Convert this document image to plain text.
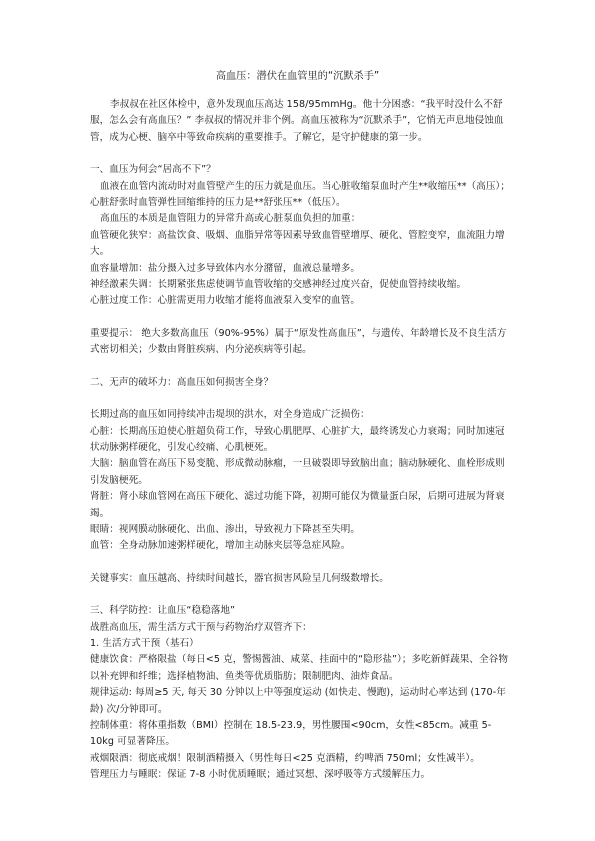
高血压：潜伏在血管里的“沉默杀手”

李叔叔在社区体检中，意外发现血压高达 158/95mmHg。他十分困惑：“我平时没什么不舒服，怎么会有高血压？” 李叔叔的情况并非个例。高血压被称为“沉默杀手”，它悄无声息地侵蚀血管，成为心梗、脑卒中等致命疾病的重要推手。了解它，是守护健康的第一步。

一、血压为何会“居高不下”？

血液在血管内流动时对血管壁产生的压力就是血压。当心脏收缩泵血时产生**收缩压**（高压）；心脏舒张时血管弹性回缩维持的压力是**舒张压**（低压）。

高血压的本质是血管阻力的异常升高或心脏泵血负担的加重：

血管硬化狭窄：高盐饮食、吸烟、血脂异常等因素导致血管壁增厚、硬化、管腔变窄，血流阻力增大。

血容量增加：盐分摄入过多导致体内水分潴留，血液总量增多。

神经激素失调：长期紧张焦虑使调节血管收缩的交感神经过度兴奋，促使血管持续收缩。

心脏过度工作：心脏需更用力收缩才能将血液泵入变窄的血管。

重要提示： 绝大多数高血压（90%-95%）属于“原发性高血压”，与遗传、年龄增长及不良生活方式密切相关；少数由肾脏疾病、内分泌疾病等引起。

二、无声的破坏力：高血压如何损害全身？

长期过高的血压如同持续冲击堤坝的洪水，对全身造成广泛损伤：

心脏：长期高压迫使心脏超负荷工作，导致心肌肥厚、心脏扩大，最终诱发心力衰竭；同时加速冠状动脉粥样硬化，引发心绞痛、心肌梗死。

大脑：脑血管在高压下易变脆、形成微动脉瘤，一旦破裂即导致脑出血；脑动脉硬化、血栓形成则引发脑梗死。

肾脏：肾小球血管网在高压下硬化、滤过功能下降，初期可能仅为微量蛋白尿，后期可进展为肾衰竭。

眼睛：视网膜动脉硬化、出血、渗出，导致视力下降甚至失明。

血管：全身动脉加速粥样硬化，增加主动脉夹层等急症风险。

关键事实：血压越高、持续时间越长，器官损害风险呈几何级数增长。

三、科学防控：让血压“稳稳落地”

战胜高血压，需生活方式干预与药物治疗双管齐下：

1. 生活方式干预（基石）

健康饮食：严格限盐（每日<5 克，警惕酱油、咸菜、挂面中的“隐形盐”）；多吃新鲜蔬果、全谷物以补充钾和纤维；选择植物油、鱼类等优质脂肪；限制肥肉、油炸食品。

规律运动: 每周≥5 天, 每天 30 分钟以上中等强度运动 (如快走、慢跑)，运动时心率达到 (170-年龄) 次/分钟即可。

控制体重：将体重指数（BMI）控制在 18.5-23.9，男性腰围<90cm，女性<85cm。减重 5-10kg 可显著降压。

戒烟限酒：彻底戒烟！限制酒精摄入（男性每日<25 克酒精，约啤酒 750ml；女性减半）。

管理压力与睡眠：保证 7-8 小时优质睡眠；通过冥想、深呼吸等方式缓解压力。
